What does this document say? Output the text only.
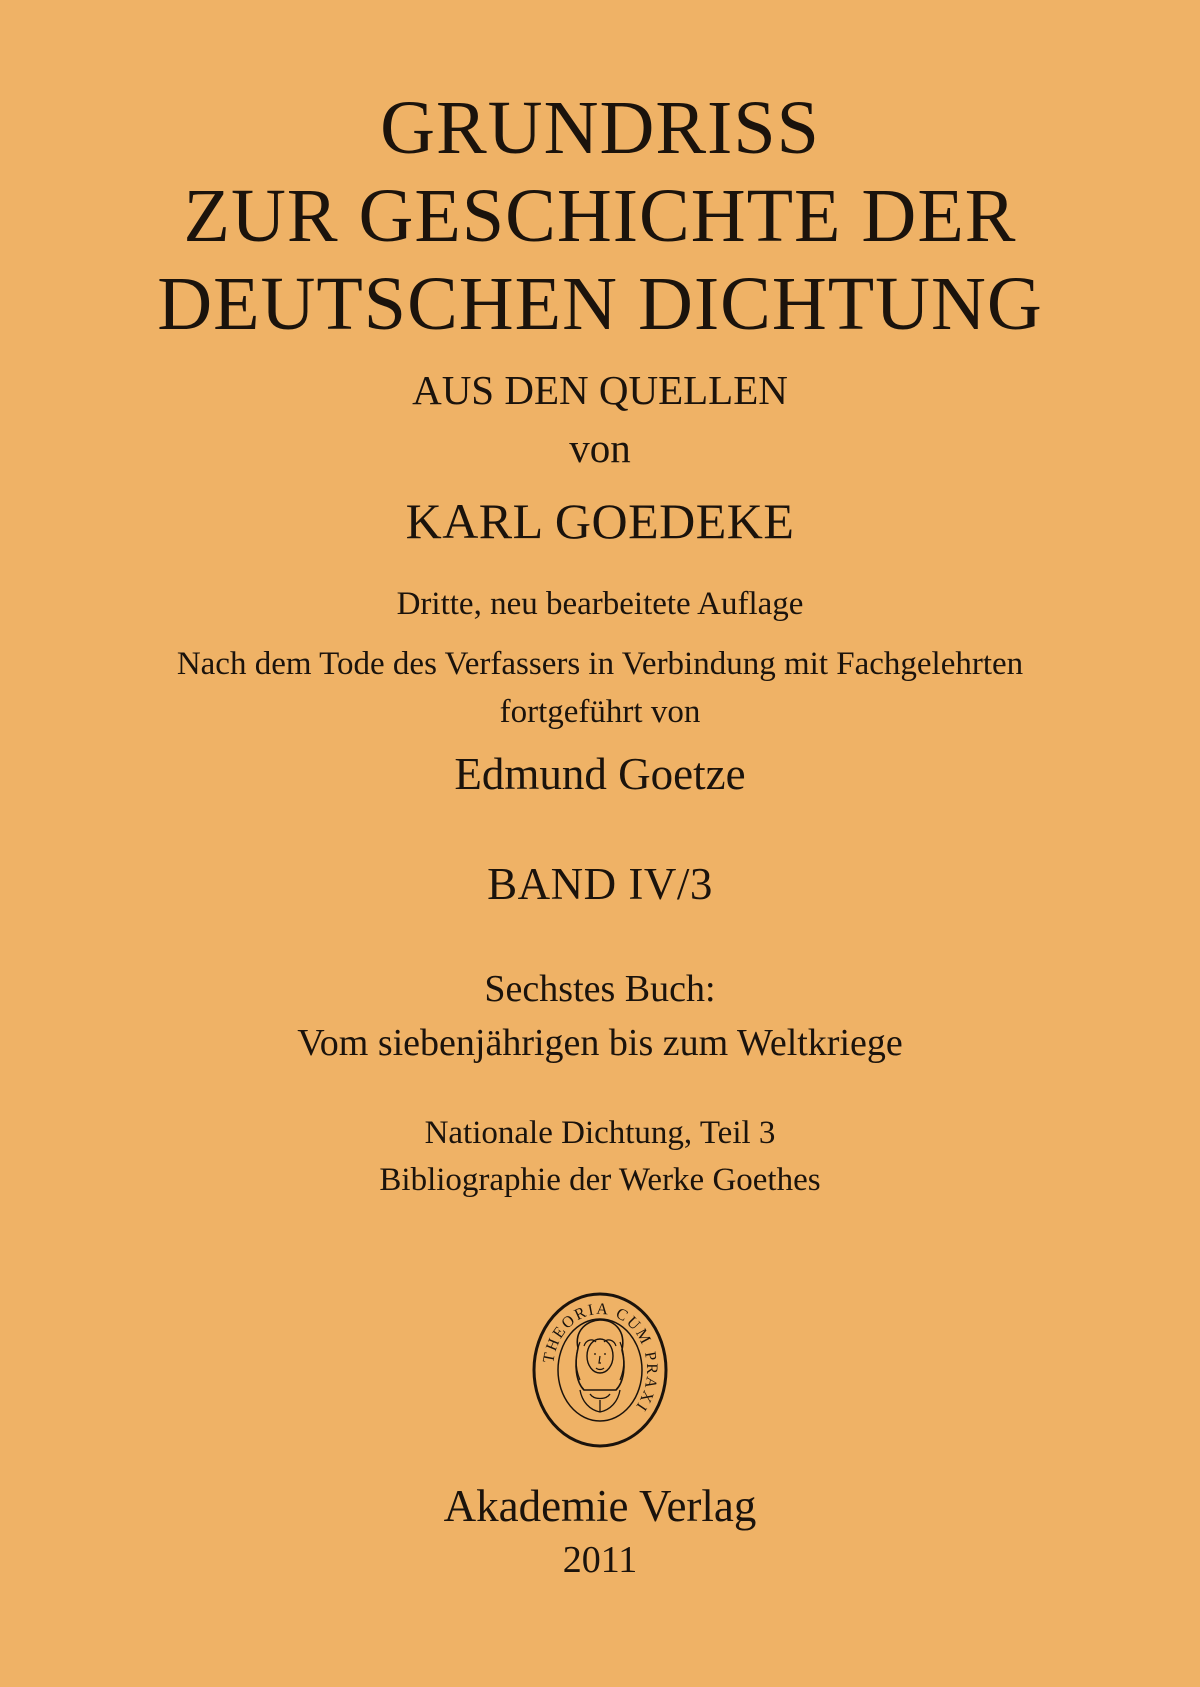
GRUNDRISS
ZUR GESCHICHTE DER
DEUTSCHEN DICHTUNG
AUS DEN QUELLEN
von
KARL GOEDEKE
Dritte, neu bearbeitete Auflage
Nach dem Tode des Verfassers in Verbindung mit Fachgelehrten
fortgeführt von
Edmund Goetze
BAND IV/3
Sechstes Buch:
Vom siebenjährigen bis zum Weltkriege
Nationale Dichtung, Teil 3
Bibliographie der Werke Goethes
THEORIA CUM PRAXI
Akademie Verlag
2011
